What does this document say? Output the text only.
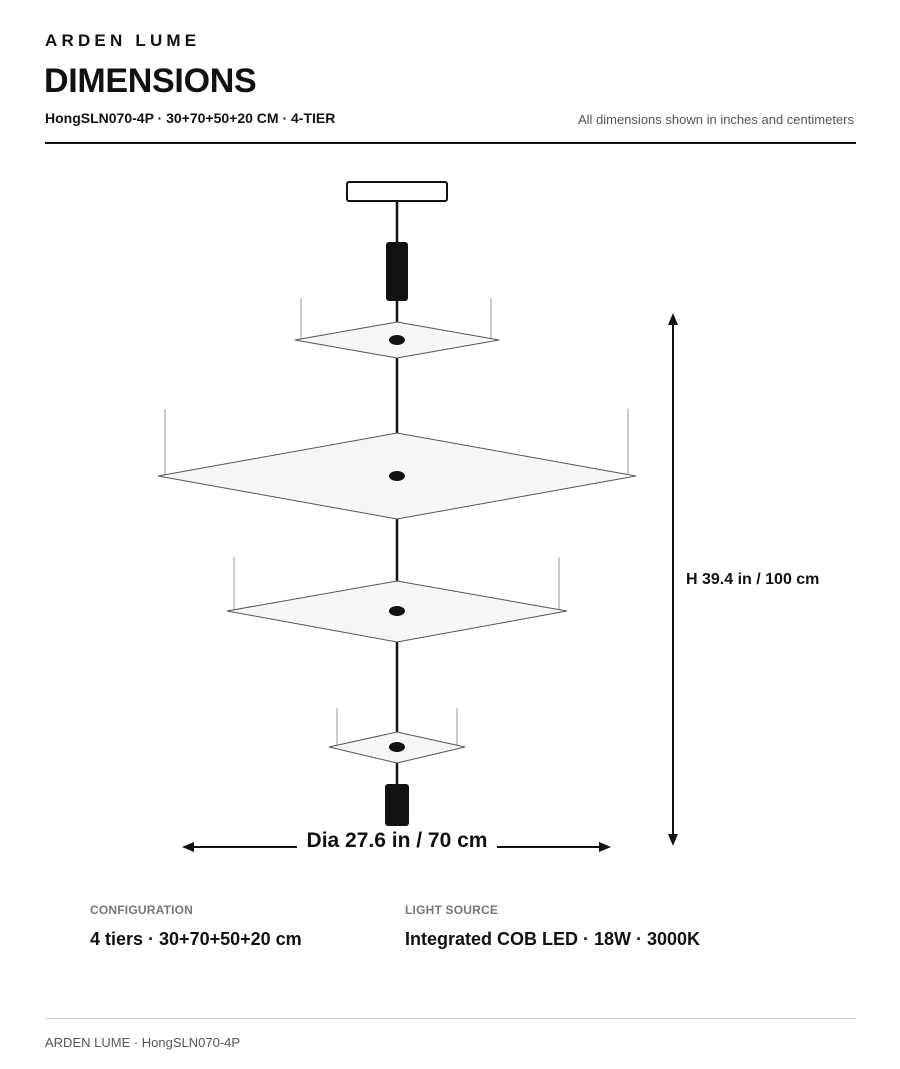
ARDEN LUME
DIMENSIONS
HongSLN070-4P · 30+70+50+20 CM · 4-TIER	All dimensions shown in inches and centimeters
H 39.4 in / 100 cm
Dia 27.6 in / 70 cm
CONFIGURATION
4 tiers · 30+70+50+20 cm
LIGHT SOURCE
Integrated COB LED · 18W · 3000K
ARDEN LUME · HongSLN070-4P
